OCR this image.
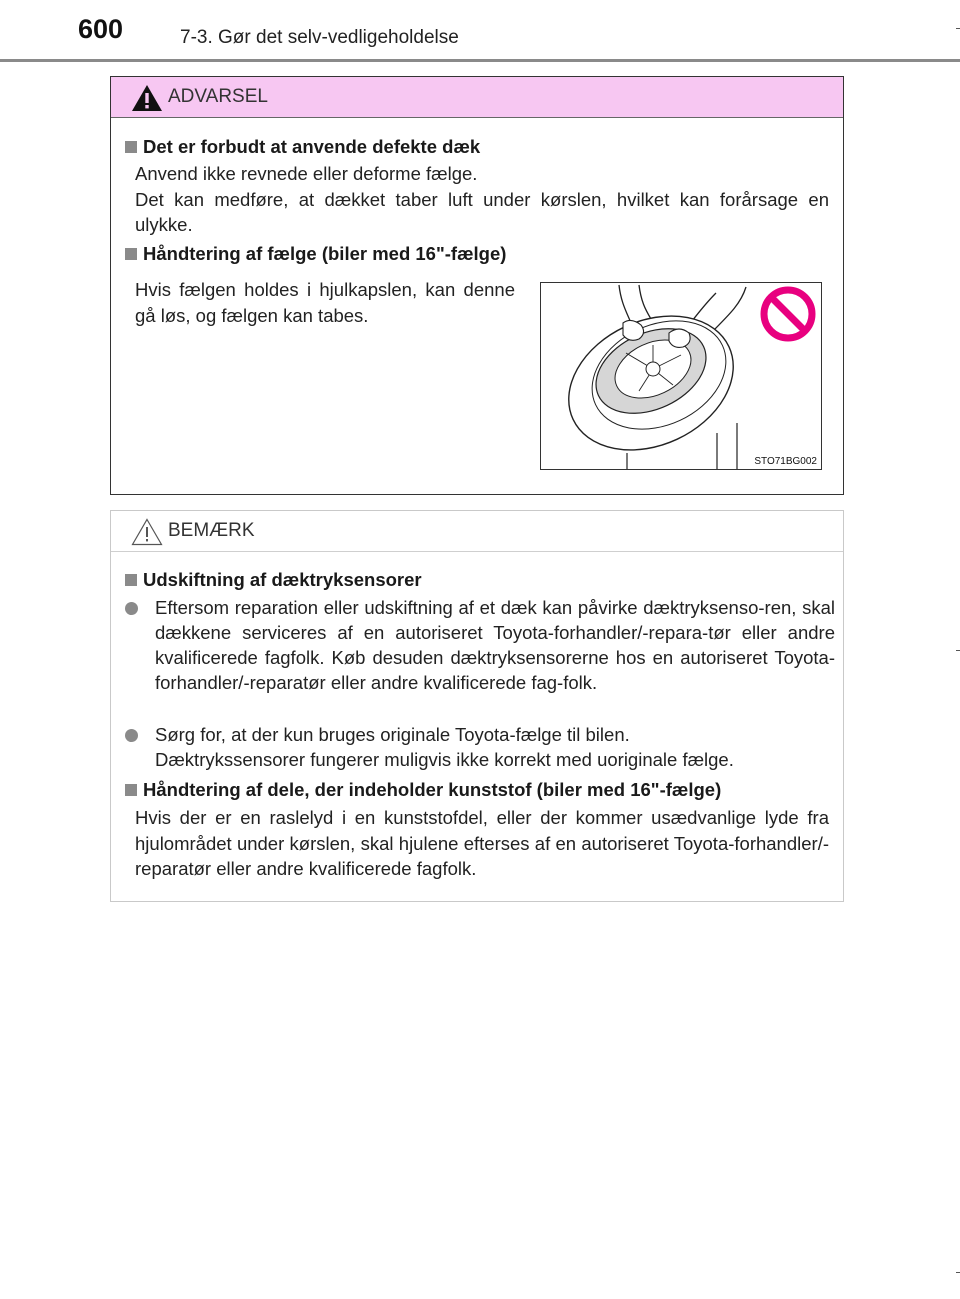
600	7-3. Gør det selv-vedligeholdelse
ADVARSEL
Det er forbudt at anvende defekte dæk
Anvend ikke revnede eller deforme fælge.
Det kan medføre, at dækket taber luft under kørslen, hvilket kan forårsage en ulykke.
Håndtering af fælge (biler med 16"-fælge)
Hvis fælgen holdes i hjulkapslen, kan denne gå løs, og fælgen kan tabes.
STO71BG002
BEMÆRK
Udskiftning af dæktryksensorer
Eftersom reparation eller udskiftning af et dæk kan påvirke dæktryksenso-ren, skal dækkene serviceres af en autoriseret Toyota-forhandler/-repara-tør eller andre kvalificerede fagfolk. Køb desuden dæktryksensorerne hos en autoriseret Toyota-forhandler/-reparatør eller andre kvalificerede fag-folk.
Sørg for, at der kun bruges originale Toyota-fælge til bilen.
Dæktrykssensorer fungerer muligvis ikke korrekt med uoriginale fælge.
Håndtering af dele, der indeholder kunststof (biler med 16"-fælge)
Hvis der er en raslelyd i en kunststofdel, eller der kommer usædvanlige lyde fra hjulområdet under kørslen, skal hjulene efterses af en autoriseret Toyota-forhandler/-reparatør eller andre kvalificerede fagfolk.
